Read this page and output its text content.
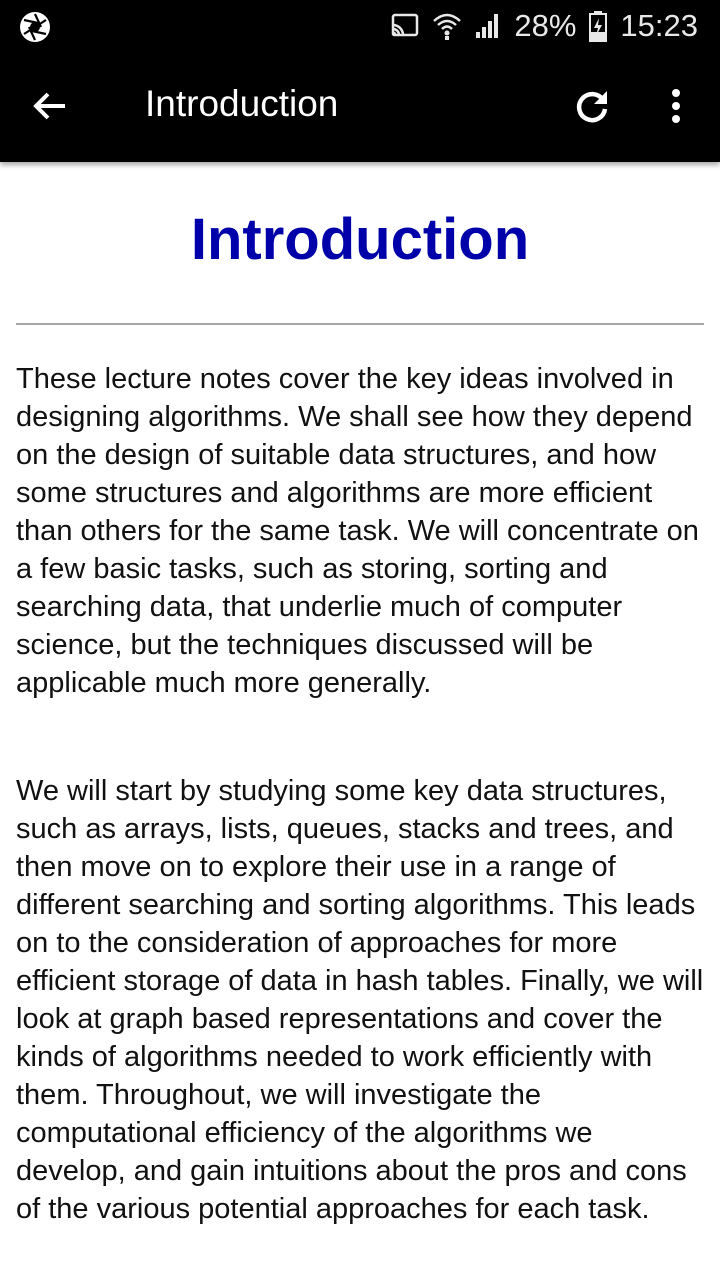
28% 15:23
Introduction
Introduction

These lecture notes cover the key ideas involved in designing algorithms. We shall see how they depend on the design of suitable data structures, and how some structures and algorithms are more efficient than others for the same task. We will concentrate on a few basic tasks, such as storing, sorting and searching data, that underlie much of computer science, but the techniques discussed will be applicable much more generally.

We will start by studying some key data structures, such as arrays, lists, queues, stacks and trees, and then move on to explore their use in a range of different searching and sorting algorithms. This leads on to the consideration of approaches for more efficient storage of data in hash tables. Finally, we will look at graph based representations and cover the kinds of algorithms needed to work efficiently with them. Throughout, we will investigate the computational efficiency of the algorithms we develop, and gain intuitions about the pros and cons of the various potential approaches for each task.
